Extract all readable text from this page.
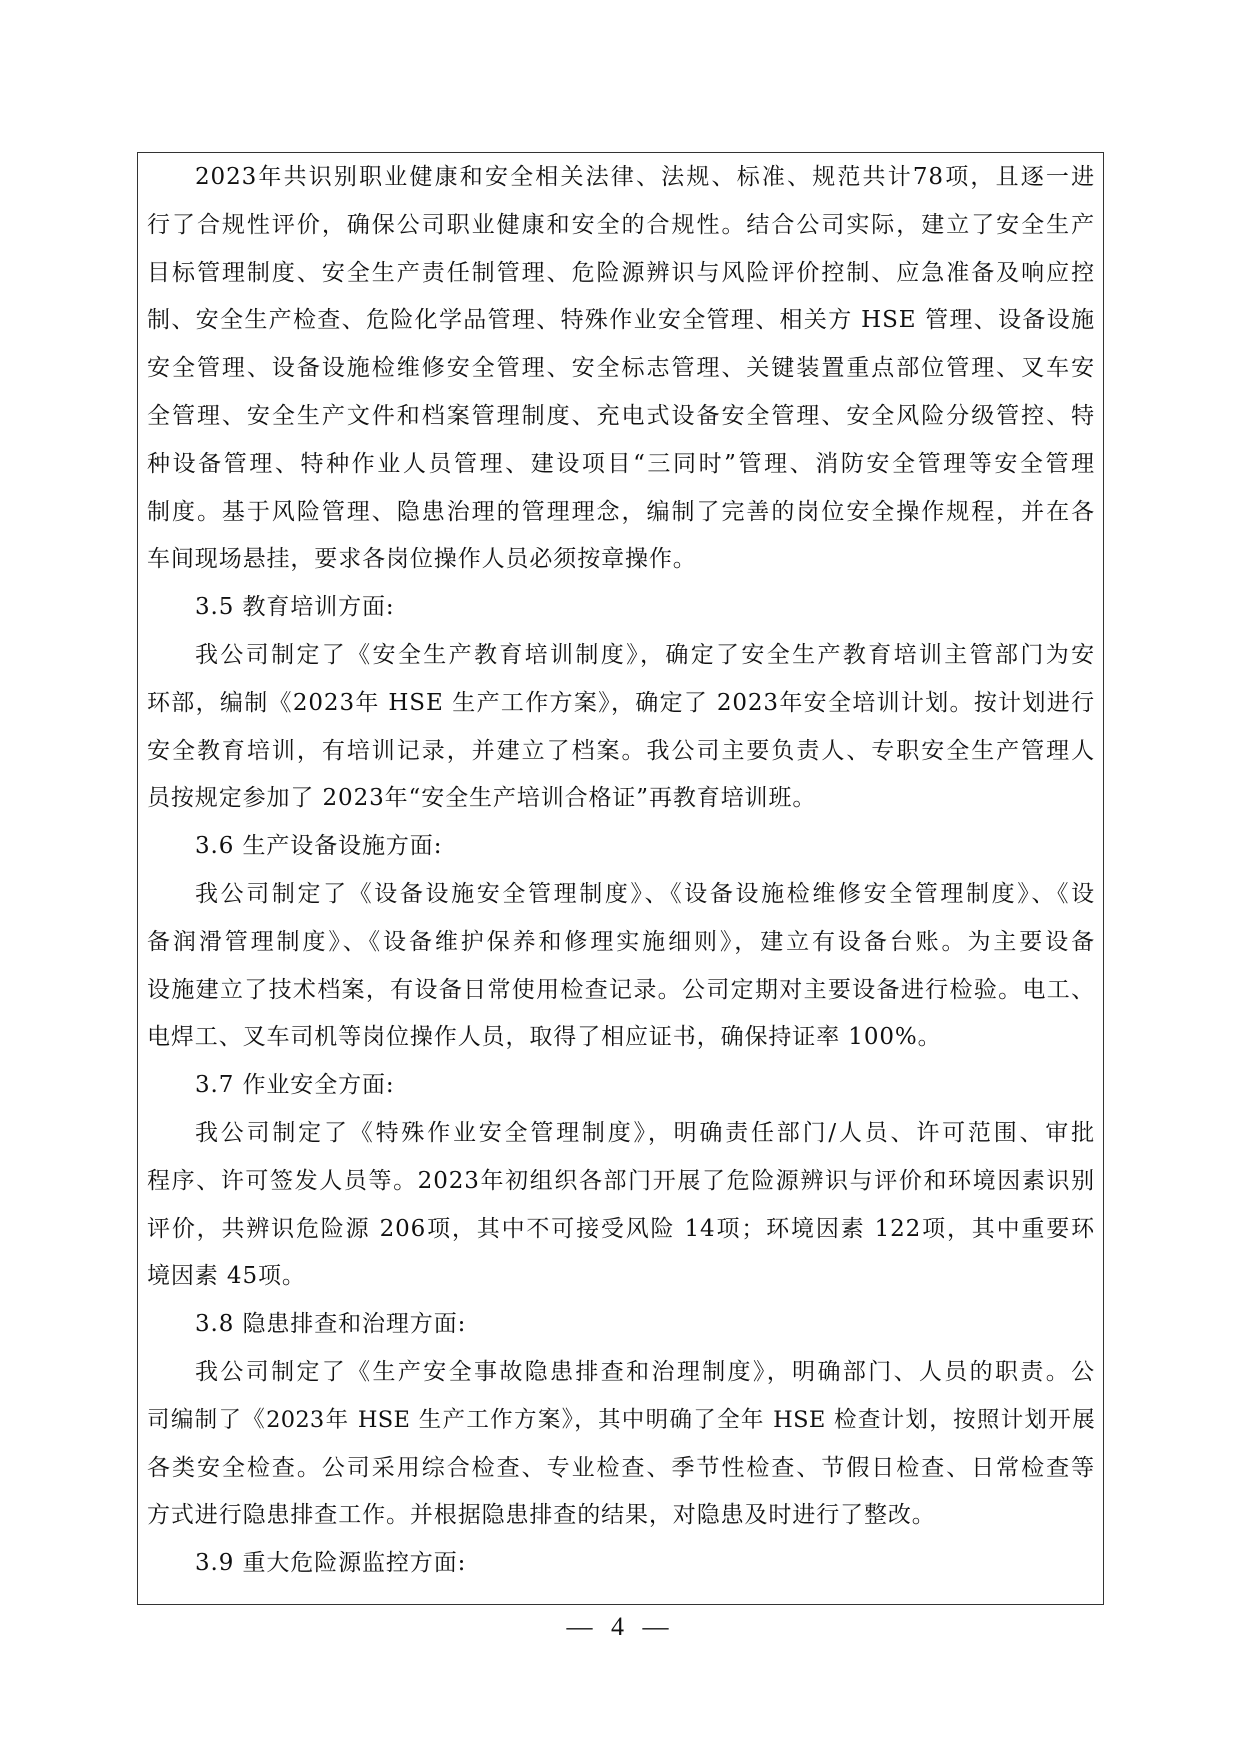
2023年共识别职业健康和安全相关法律、法规、标准、规范共计78项，且逐一进
行了合规性评价，确保公司职业健康和安全的合规性。结合公司实际，建立了安全生产
目标管理制度、安全生产责任制管理、危险源辨识与风险评价控制、应急准备及响应控
制、安全生产检查、危险化学品管理、特殊作业安全管理、相关方 HSE 管理、设备设施
安全管理、设备设施检维修安全管理、安全标志管理、关键装置重点部位管理、叉车安
全管理、安全生产文件和档案管理制度、充电式设备安全管理、安全风险分级管控、特
种设备管理、特种作业人员管理、建设项目“三同时”管理、消防安全管理等安全管理
制度。基于风险管理、隐患治理的管理理念，编制了完善的岗位安全操作规程，并在各
车间现场悬挂，要求各岗位操作人员必须按章操作。
3.5 教育培训方面:
我公司制定了《安全生产教育培训制度》，确定了安全生产教育培训主管部门为安
环部，编制《2023年 HSE 生产工作方案》，确定了 2023年安全培训计划。按计划进行
安全教育培训，有培训记录，并建立了档案。我公司主要负责人、专职安全生产管理人
员按规定参加了 2023年“安全生产培训合格证”再教育培训班。
3.6 生产设备设施方面:
我公司制定了《设备设施安全管理制度》、《设备设施检维修安全管理制度》、《设
备润滑管理制度》、《设备维护保养和修理实施细则》，建立有设备台账。为主要设备
设施建立了技术档案，有设备日常使用检查记录。公司定期对主要设备进行检验。电工、
电焊工、叉车司机等岗位操作人员，取得了相应证书，确保持证率 100%。
3.7 作业安全方面:
我公司制定了《特殊作业安全管理制度》，明确责任部门/人员、许可范围、审批
程序、许可签发人员等。2023年初组织各部门开展了危险源辨识与评价和环境因素识别
评价，共辨识危险源 206项，其中不可接受风险 14项；环境因素 122项，其中重要环
境因素 45项。
3.8 隐患排查和治理方面:
我公司制定了《生产安全事故隐患排查和治理制度》，明确部门、人员的职责。公
司编制了《2023年 HSE 生产工作方案》，其中明确了全年 HSE 检查计划，按照计划开展
各类安全检查。公司采用综合检查、专业检查、季节性检查、节假日检查、日常检查等
方式进行隐患排查工作。并根据隐患排查的结果，对隐患及时进行了整改。
3.9 重大危险源监控方面:
— 4 —
